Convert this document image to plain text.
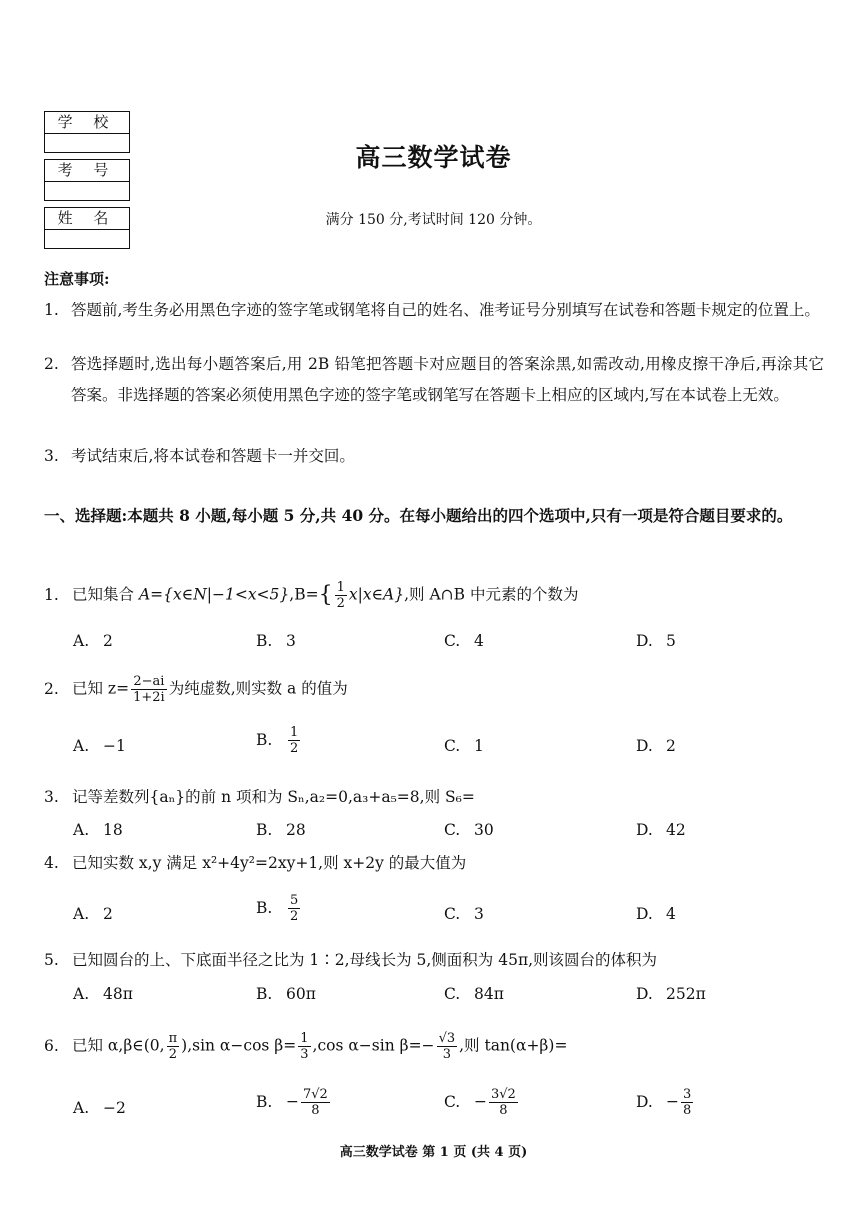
学 校
考 号
姓 名
高三数学试卷
满分 150 分,考试时间 120 分钟。
注意事项:
1. 答题前,考生务必用黑色字迹的签字笔或钢笔将自己的姓名、准考证号分别填写在试卷和答题卡规定的位置上。
2. 答选择题时,选出每小题答案后,用 2B 铅笔把答题卡对应题目的答案涂黑,如需改动,用橡皮擦干净后,再涂其它答案。非选择题的答案必须使用黑色字迹的签字笔或钢笔写在答题卡上相应的区域内,写在本试卷上无效。
3. 考试结束后,将本试卷和答题卡一并交回。
一、选择题:本题共 8 小题,每小题 5 分,共 40 分。在每小题给出的四个选项中,只有一项是符合题目要求的。
1. 已知集合 A={x∈N|−1<x<5},B={ $\frac{1}{2}$ x|x∈A},则 A∩B 中元素的个数为
A. 2	B. 3	C. 4	D. 5
2. 已知 $z= \frac{2-ai}{1+2i}$ 为纯虚数,则实数 a 的值为
A. −1	B. $\frac{1}{2}$	C. 1	D. 2
3. 记等差数列{aₙ}的前 n 项和为 Sₙ,a₂=0,a₃+a₅=8,则 S₆=
A. 18	B. 28	C. 30	D. 42
4. 已知实数 x,y 满足 x²+4y²=2xy+1,则 x+2y 的最大值为
A. 2	B. $\frac{5}{2}$	C. 3	D. 4
5. 已知圆台的上、下底面半径之比为 1∶2,母线长为 5,侧面积为 45π,则该圆台的体积为
A. 48π	B. 60π	C. 84π	D. 252π
6. 已知 α,β∈(0, $\frac{\pi}{2} ),\sin$ α−cos $\beta= \frac{1}{3} ,\cos$ α−sin $\beta=- \frac{√3}{3}$ ,则 tan(α+β)=
A. −2	B. − $\frac{7√2}{8}$	C. − $\frac{3√2}{8}$	D. − $\frac{3}{8}$
高三数学试卷 第 1 页 (共 4 页)
